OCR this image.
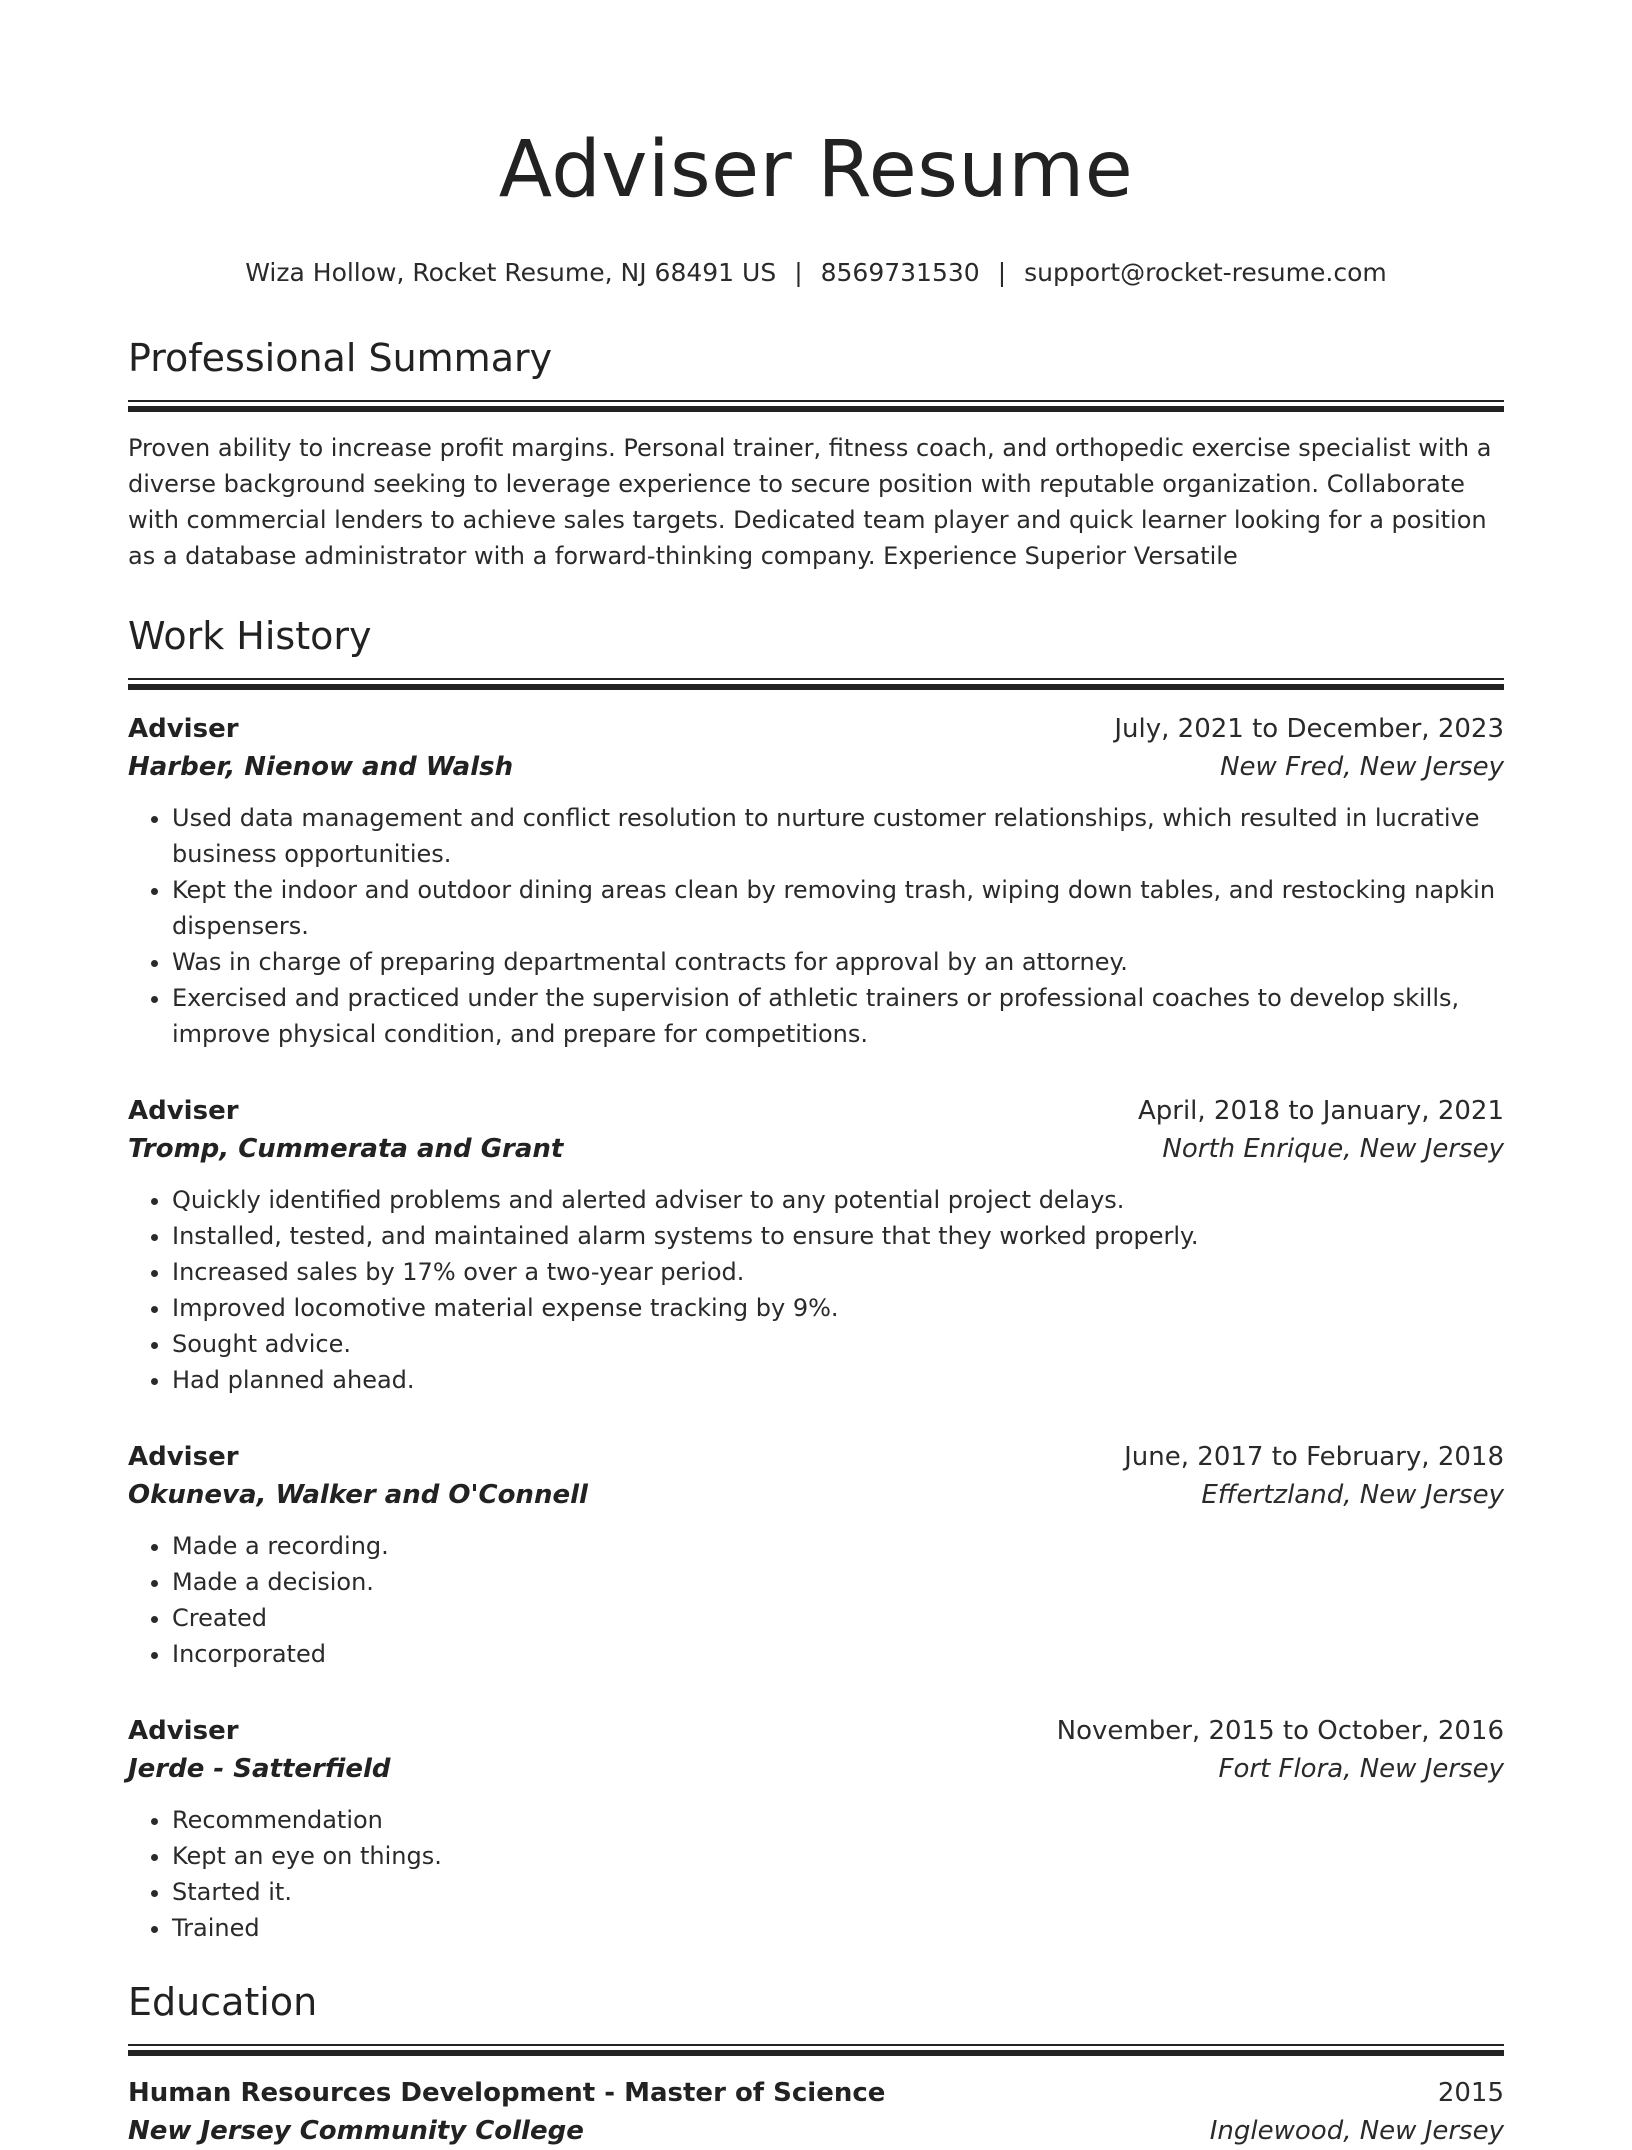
Adviser Resume
Wiza Hollow, Rocket Resume, NJ 68491 US | 8569731530 | support@rocket-resume.com
Professional Summary

Proven ability to increase profit margins. Personal trainer, fitness coach, and orthopedic exercise specialist with a diverse background seeking to leverage experience to secure position with reputable organization. Collaborate with commercial lenders to achieve sales targets. Dedicated team player and quick learner looking for a position as a database administrator with a forward-thinking company. Experience Superior Versatile

Work History
Adviser	July, 2021 to December, 2023
Harber, Nienow and Walsh	New Fred, New Jersey
• Used data management and conflict resolution to nurture customer relationships, which resulted in lucrative business opportunities.
• Kept the indoor and outdoor dining areas clean by removing trash, wiping down tables, and restocking napkin dispensers.
• Was in charge of preparing departmental contracts for approval by an attorney.
• Exercised and practiced under the supervision of athletic trainers or professional coaches to develop skills, improve physical condition, and prepare for competitions.
Adviser	April, 2018 to January, 2021
Tromp, Cummerata and Grant	North Enrique, New Jersey
• Quickly identified problems and alerted adviser to any potential project delays.
• Installed, tested, and maintained alarm systems to ensure that they worked properly.
• Increased sales by 17% over a two-year period.
• Improved locomotive material expense tracking by 9%.
• Sought advice.
• Had planned ahead.
Adviser	June, 2017 to February, 2018
Okuneva, Walker and O'Connell	Effertzland, New Jersey
• Made a recording.
• Made a decision.
• Created
• Incorporated
Adviser	November, 2015 to October, 2016
Jerde - Satterfield	Fort Flora, New Jersey
• Recommendation
• Kept an eye on things.
• Started it.
• Trained
Education
Human Resources Development - Master of Science	2015
New Jersey Community College	Inglewood, New Jersey
